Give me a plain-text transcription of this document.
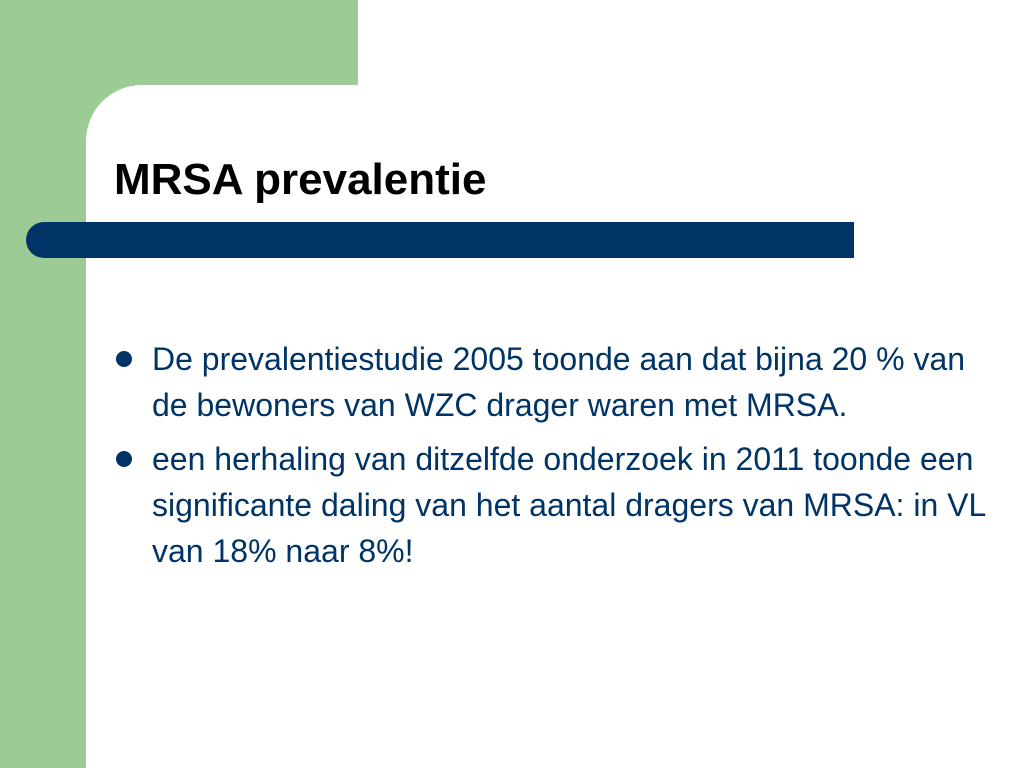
MRSA prevalentie
De prevalentiestudie 2005 toonde aan dat bijna 20 % van de bewoners van WZC drager waren met MRSA.
een herhaling van ditzelfde onderzoek in 2011 toonde een significante daling van het aantal dragers van MRSA: in VL van 18% naar 8%!
